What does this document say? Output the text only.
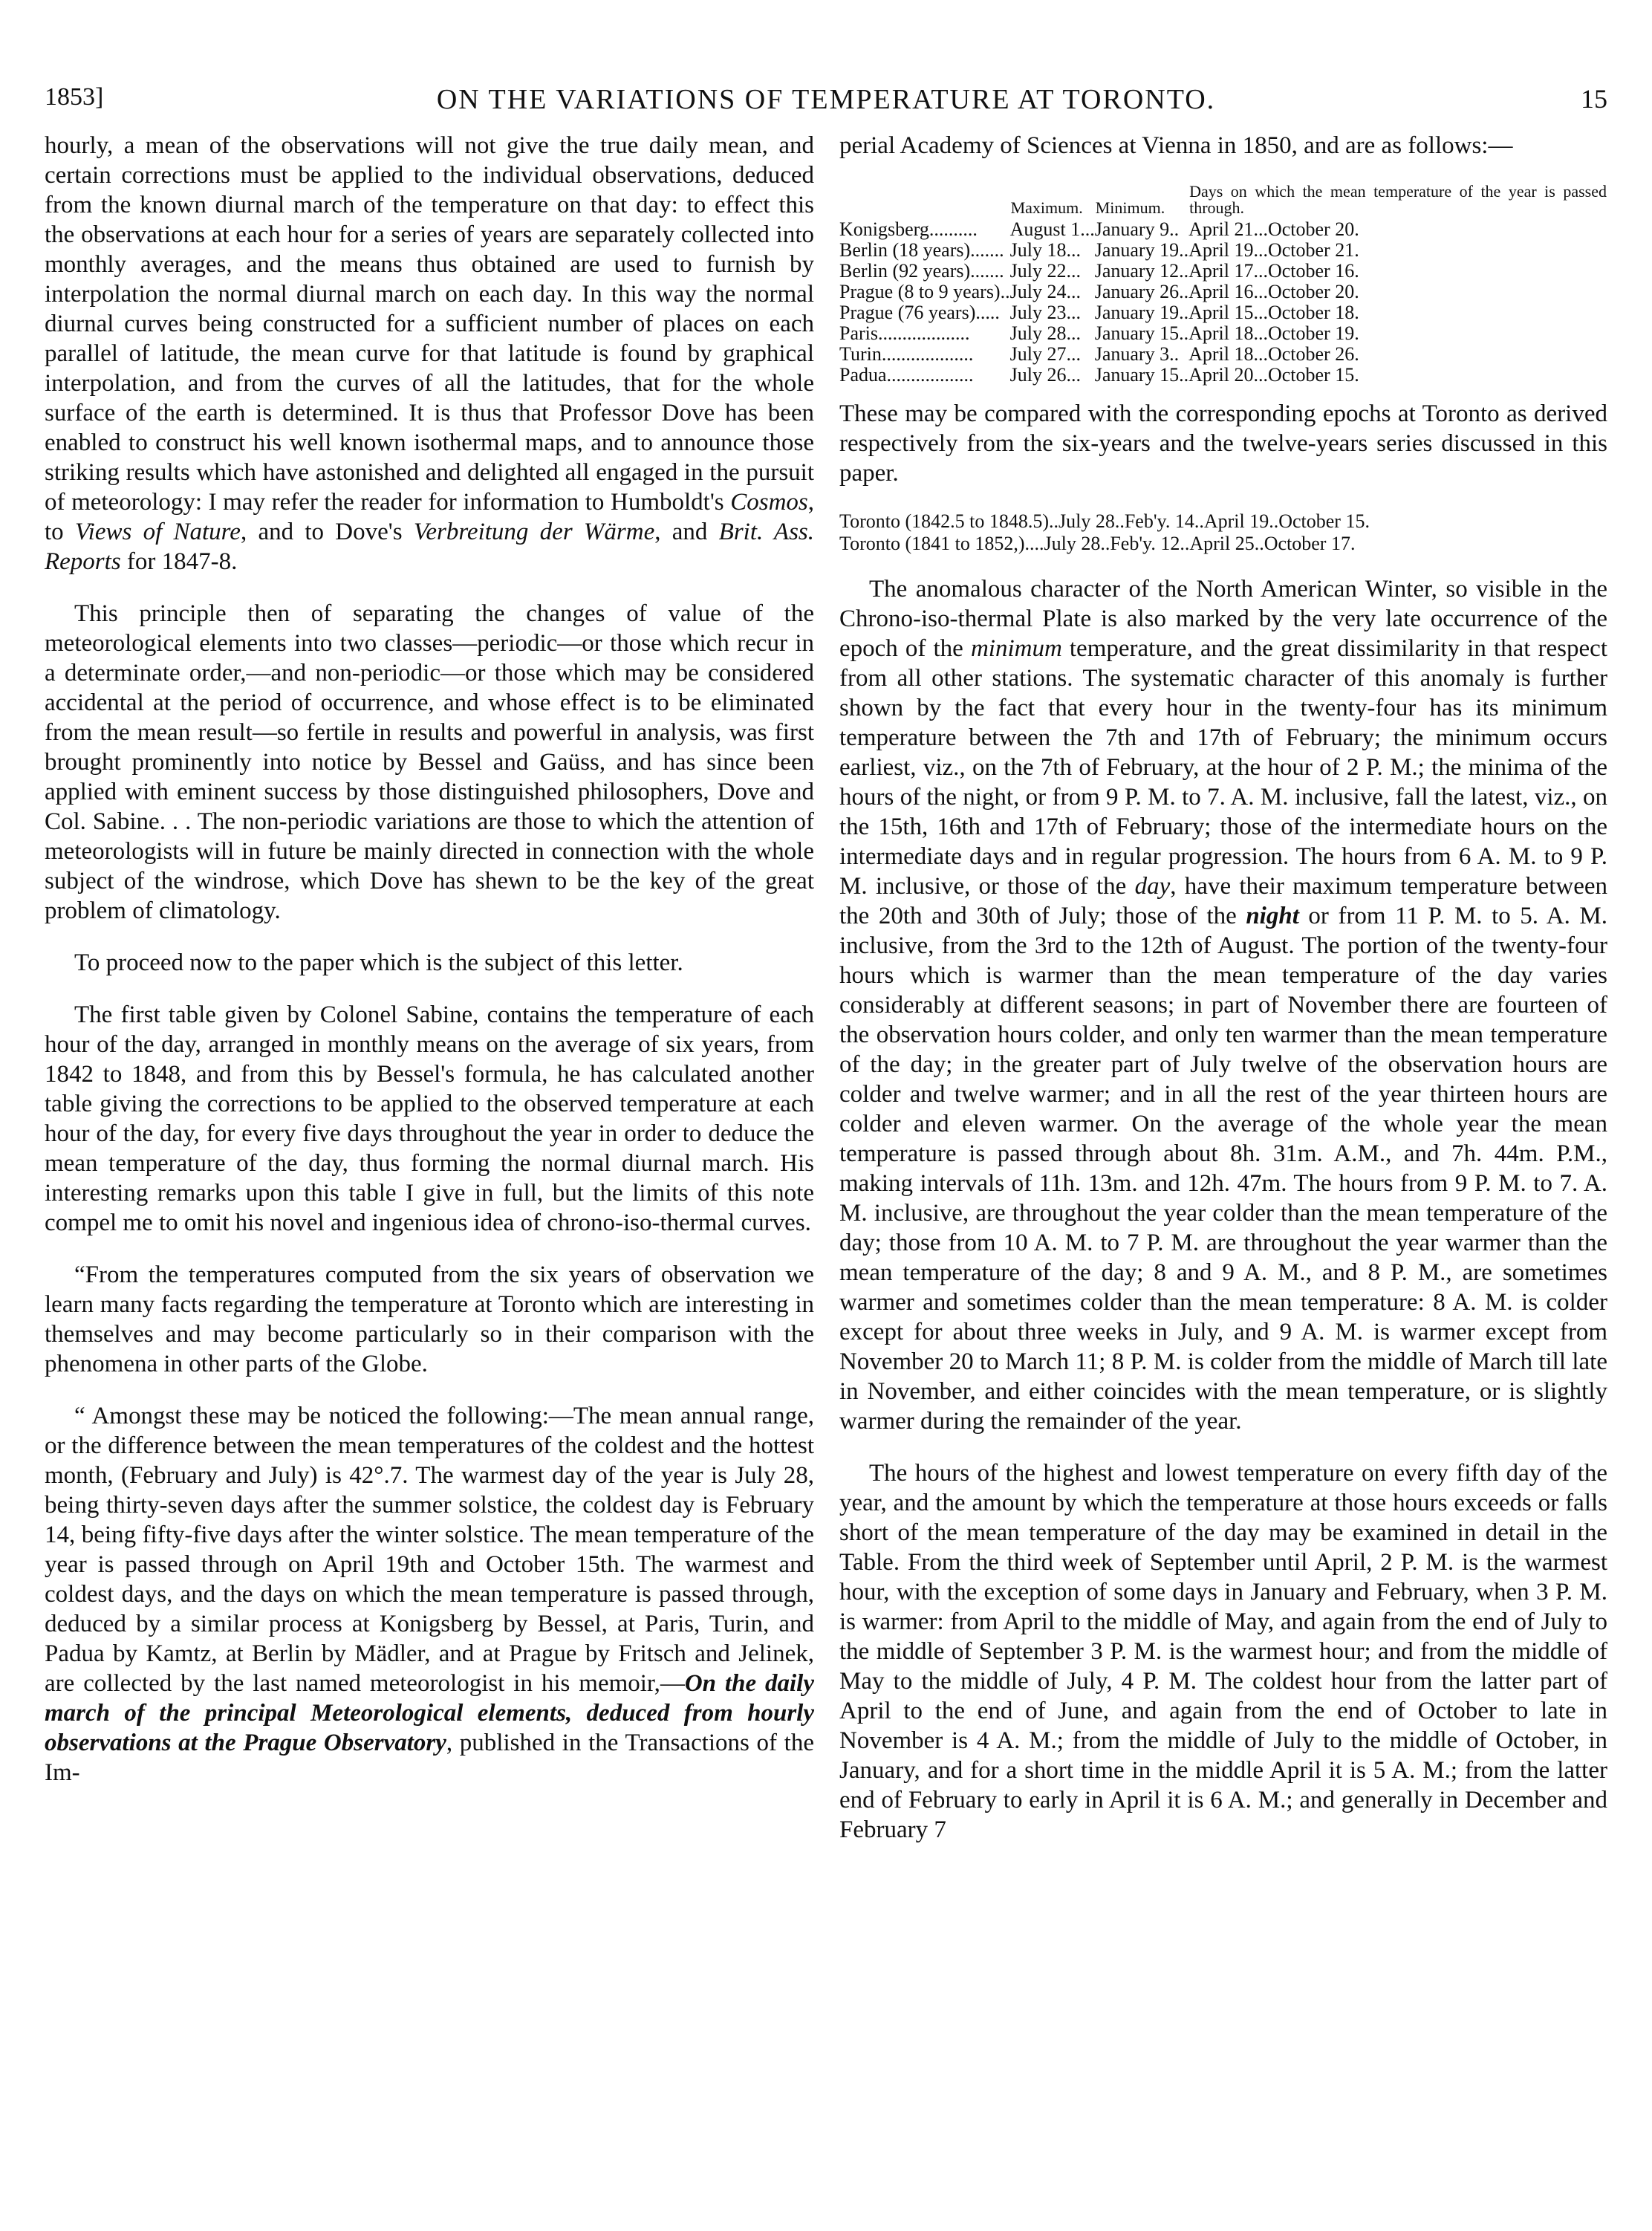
1853]	ON THE VARIATIONS OF TEMPERATURE AT TORONTO.	15

hourly, a mean of the observations will not give the true daily mean, and certain corrections must be applied to the individual observations, deduced from the known diurnal march of the temperature on that day: to effect this the observations at each hour for a series of years are separately collected into monthly averages, and the means thus obtained are used to furnish by interpolation the normal diurnal march on each day. In this way the normal diurnal curves being constructed for a sufficient number of places on each parallel of latitude, the mean curve for that latitude is found by graphical interpolation, and from the curves of all the latitudes, that for the whole surface of the earth is determined. It is thus that Professor Dove has been enabled to construct his well known isothermal maps, and to announce those striking results which have astonished and delighted all engaged in the pursuit of meteorology: I may refer the reader for information to Humboldt's Cosmos, to Views of Nature, and to Dove's Verbreitung der Wärme, and Brit. Ass. Reports for 1847-8.

This principle then of separating the changes of value of the meteorological elements into two classes—periodic—or those which recur in a determinate order,—and non-periodic—or those which may be considered accidental at the period of occurrence, and whose effect is to be eliminated from the mean result—so fertile in results and powerful in analysis, was first brought prominently into notice by Bessel and Gaüss, and has since been applied with eminent success by those distinguished philosophers, Dove and Col. Sabine. . . The non-periodic variations are those to which the attention of meteorologists will in future be mainly directed in connection with the whole subject of the windrose, which Dove has shewn to be the key of the great problem of climatology.

To proceed now to the paper which is the subject of this letter.

The first table given by Colonel Sabine, contains the temperature of each hour of the day, arranged in monthly means on the average of six years, from 1842 to 1848, and from this by Bessel's formula, he has calculated another table giving the corrections to be applied to the observed temperature at each hour of the day, for every five days throughout the year in order to deduce the mean temperature of the day, thus forming the normal diurnal march. His interesting remarks upon this table I give in full, but the limits of this note compel me to omit his novel and ingenious idea of chrono-iso-thermal curves.

“From the temperatures computed from the six years of observation we learn many facts regarding the temperature at Toronto which are interesting in themselves and may become particularly so in their comparison with the phenomena in other parts of the Globe.

“ Amongst these may be noticed the following:—The mean annual range, or the difference between the mean temperatures of the coldest and the hottest month, (February and July) is 42°.7. The warmest day of the year is July 28, being thirty-seven days after the summer solstice, the coldest day is February 14, being fifty-five days after the winter solstice. The mean temperature of the year is passed through on April 19th and October 15th. The warmest and coldest days, and the days on which the mean temperature is passed through, deduced by a similar process at Konigsberg by Bessel, at Paris, Turin, and Padua by Kamtz, at Berlin by Mädler, and at Prague by Fritsch and Jelinek, are collected by the last named meteorologist in his memoir,—On the daily march of the principal Meteorological elements, deduced from hourly observations at the Prague Observatory, published in the Transactions of the Im-

perial Academy of Sciences at Vienna in 1850, and are as follows:—

	Maximum.	Minimum.	Days on which the mean temperature of the year is passed through.
Konigsberg..........	August 1...	January 9..	April 21...October 20.
Berlin (18 years).......	July 18...	January 19..	April 19...October 21.
Berlin (92 years).......	July 22...	January 12..	April 17...October 16.
Prague (8 to 9 years)..	July 24...	January 26..	April 16...October 20.
Prague (76 years).....	July 23...	January 19..	April 15...October 18.
Paris...................	July 28...	January 15..	April 18...October 19.
Turin...................	July 27...	January 3..	April 18...October 26.
Padua..................	July 26...	January 15..	April 20...October 15.

These may be compared with the corresponding epochs at Toronto as derived respectively from the six-years and the twelve-years series discussed in this paper.

Toronto (1842.5 to 1848.5)..July 28..Feb'y. 14..April 19..October 15.
Toronto (1841 to 1852,)....July 28..Feb'y. 12..April 25..October 17.

The anomalous character of the North American Winter, so visible in the Chrono-iso-thermal Plate is also marked by the very late occurrence of the epoch of the minimum temperature, and the great dissimilarity in that respect from all other stations. The systematic character of this anomaly is further shown by the fact that every hour in the twenty-four has its minimum temperature between the 7th and 17th of February; the minimum occurs earliest, viz., on the 7th of February, at the hour of 2 P. M.; the minima of the hours of the night, or from 9 P. M. to 7. A. M. inclusive, fall the latest, viz., on the 15th, 16th and 17th of February; those of the intermediate hours on the intermediate days and in regular progression. The hours from 6 A. M. to 9 P. M. inclusive, or those of the day, have their maximum temperature between the 20th and 30th of July; those of the night or from 11 P. M. to 5. A. M. inclusive, from the 3rd to the 12th of August. The portion of the twenty-four hours which is warmer than the mean temperature of the day varies considerably at different seasons; in part of November there are fourteen of the observation hours colder, and only ten warmer than the mean temperature of the day; in the greater part of July twelve of the observation hours are colder and twelve warmer; and in all the rest of the year thirteen hours are colder and eleven warmer. On the average of the whole year the mean temperature is passed through about 8h. 31m. A.M., and 7h. 44m. P.M., making intervals of 11h. 13m. and 12h. 47m. The hours from 9 P. M. to 7. A. M. inclusive, are throughout the year colder than the mean temperature of the day; those from 10 A. M. to 7 P. M. are throughout the year warmer than the mean temperature of the day; 8 and 9 A. M., and 8 P. M., are sometimes warmer and sometimes colder than the mean temperature: 8 A. M. is colder except for about three weeks in July, and 9 A. M. is warmer except from November 20 to March 11; 8 P. M. is colder from the middle of March till late in November, and either coincides with the mean temperature, or is slightly warmer during the remainder of the year.

The hours of the highest and lowest temperature on every fifth day of the year, and the amount by which the temperature at those hours exceeds or falls short of the mean temperature of the day may be examined in detail in the Table. From the third week of September until April, 2 P. M. is the warmest hour, with the exception of some days in January and February, when 3 P. M. is warmer: from April to the middle of May, and again from the end of July to the middle of September 3 P. M. is the warmest hour; and from the middle of May to the middle of July, 4 P. M. The coldest hour from the latter part of April to the end of June, and again from the end of October to late in November is 4 A. M.; from the middle of July to the middle of October, in January, and for a short time in the middle April it is 5 A. M.; from the latter end of February to early in April it is 6 A. M.; and generally in December and February 7
